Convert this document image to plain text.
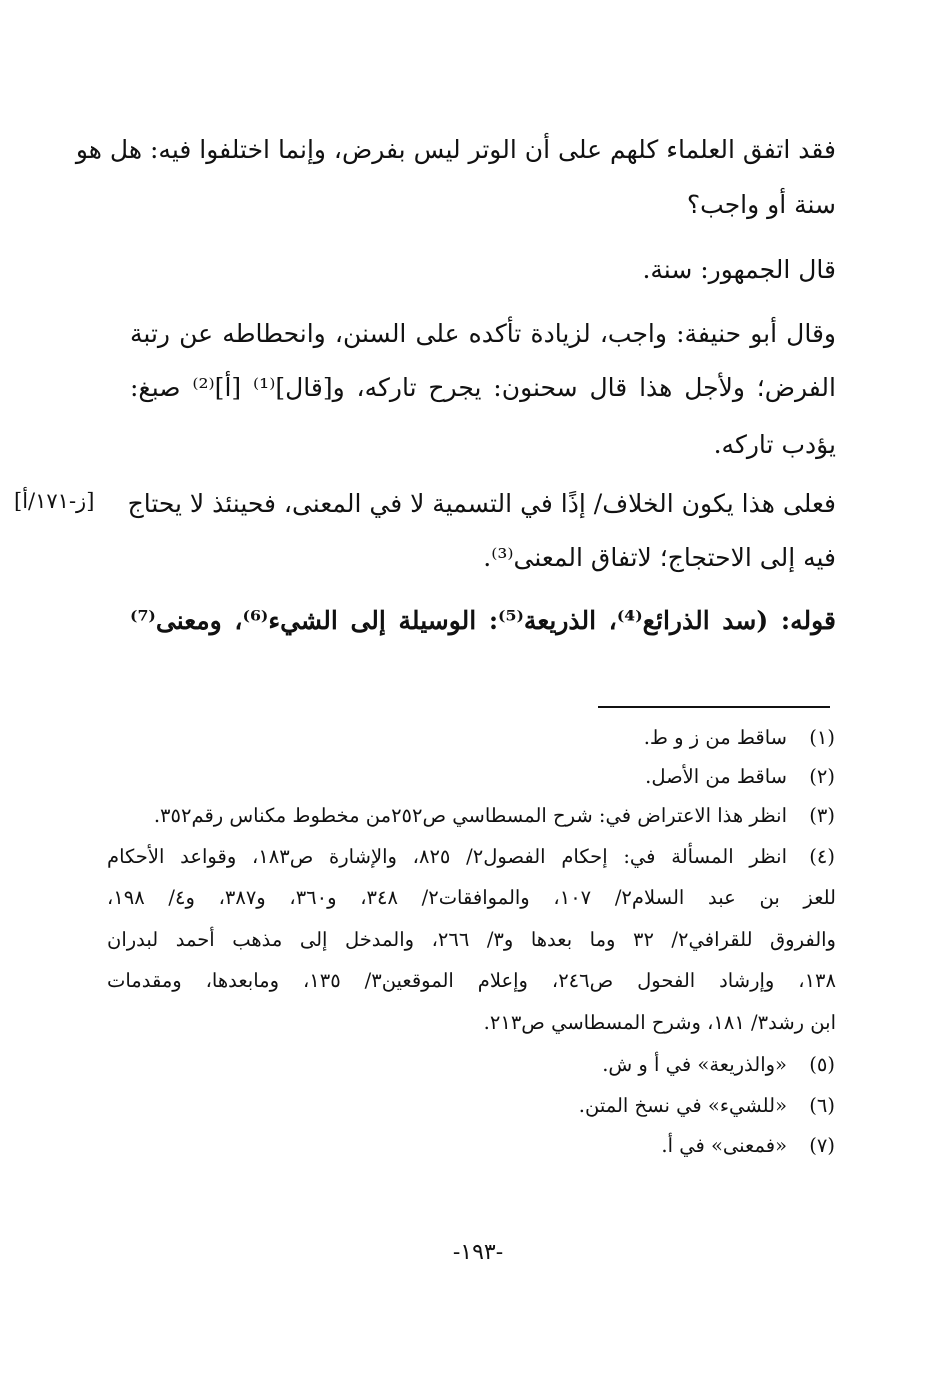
فقد اتفق العلماء كلهم على أن الوتر ليس بفرض، وإنما اختلفوا فيه: هل هو
سنة أو واجب؟
قال الجمهور: سنة.
وقال أبو حنيفة: واجب، لزيادة تأكده على السنن، وانحطاطه عن رتبة
الفرض؛ ولأجل هذا قال سحنون: يجرح تاركه، و[قال]⁽¹⁾ [أ]⁽²⁾ صبغ:
يؤدب تاركه.
فعلى هذا يكون الخلاف/ إذًا في التسمية لا في المعنى، فحينئذ لا يحتاج
[ز-١٧١/أ]
فيه إلى الاحتجاج؛ لاتفاق المعنى⁽³⁾.
قوله: (سد الذرائع⁽⁴⁾، الذريعة⁽⁵⁾: الوسيلة إلى الشيء⁽⁶⁾، ومعنى⁽⁷⁾
(١)
ساقط من ز و ط.
(٢)
ساقط من الأصل.
(٣)
انظر هذا الاعتراض في: شرح المسطاسي ص٢٥٢من مخطوط مكناس رقم٣٥٢.
(٤)
انظر المسألة في: إحكام الفصول٢/ ٨٢٥، والإشارة ص١٨٣، وقواعد الأحكام
للعز بن عبد السلام٢/ ١٠٧، والموافقات٢/ ٣٤٨، و٣٦٠، و٣٨٧، و٤/ ١٩٨،
والفروق للقرافي٢/ ٣٢ وما بعدها و٣/ ٢٦٦، والمدخل إلى مذهب أحمد لبدران
١٣٨، وإرشاد الفحول ص٢٤٦، وإعلام الموقعين٣/ ١٣٥، ومابعدها، ومقدمات
ابن رشد٣/ ١٨١، وشرح المسطاسي ص٢١٣.
(٥)
«والذريعة» في أ و ش.
(٦)
«للشيء» في نسخ المتن.
(٧)
«فمعنى» في أ.
-١٩٣-
